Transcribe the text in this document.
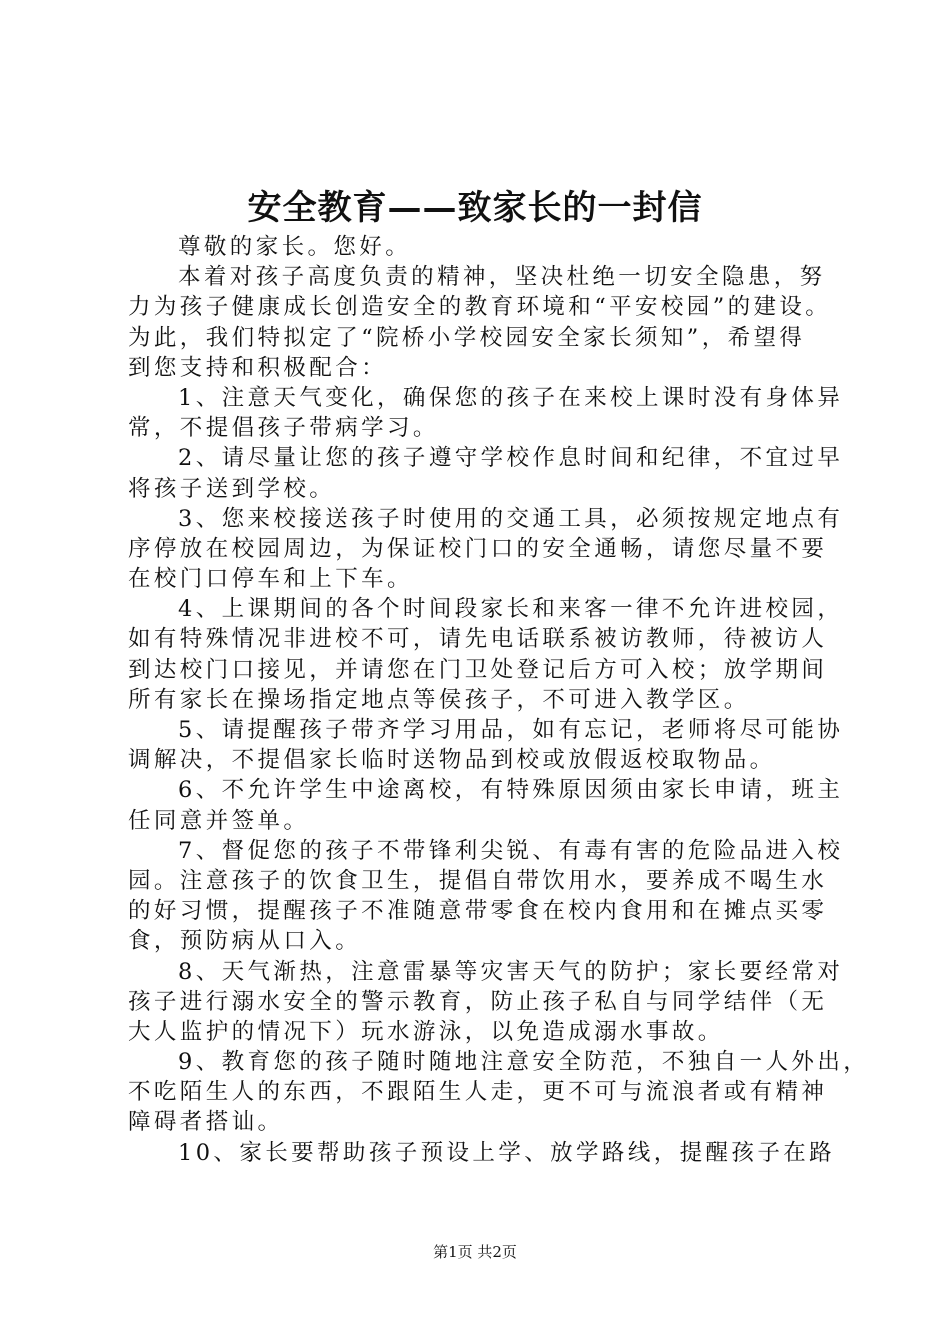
安全教育——致家长的一封信
尊敬的家长。您好。
本着对孩子高度负责的精神，坚决杜绝一切安全隐患，努
力为孩子健康成长创造安全的教育环境和“平安校园”的建设。
为此，我们特拟定了“院桥小学校园安全家长须知”，希望得
到您支持和积极配合：
1、注意天气变化，确保您的孩子在来校上课时没有身体异
常，不提倡孩子带病学习。
2、请尽量让您的孩子遵守学校作息时间和纪律，不宜过早
将孩子送到学校。
3、您来校接送孩子时使用的交通工具，必须按规定地点有
序停放在校园周边，为保证校门口的安全通畅，请您尽量不要
在校门口停车和上下车。
4、上课期间的各个时间段家长和来客一律不允许进校园，
如有特殊情况非进校不可，请先电话联系被访教师，待被访人
到达校门口接见，并请您在门卫处登记后方可入校；放学期间
所有家长在操场指定地点等侯孩子，不可进入教学区。
5、请提醒孩子带齐学习用品，如有忘记，老师将尽可能协
调解决，不提倡家长临时送物品到校或放假返校取物品。
6、不允许学生中途离校，有特殊原因须由家长申请，班主
任同意并签单。
7、督促您的孩子不带锋利尖锐、有毒有害的危险品进入校
园。注意孩子的饮食卫生，提倡自带饮用水，要养成不喝生水
的好习惯，提醒孩子不准随意带零食在校内食用和在摊点买零
食，预防病从口入。
8、天气渐热，注意雷暴等灾害天气的防护；家长要经常对
孩子进行溺水安全的警示教育，防止孩子私自与同学结伴（无
大人监护的情况下）玩水游泳，以免造成溺水事故。
9、教育您的孩子随时随地注意安全防范，不独自一人外出，
不吃陌生人的东西，不跟陌生人走，更不可与流浪者或有精神
障碍者搭讪。
10、家长要帮助孩子预设上学、放学路线，提醒孩子在路
第1页 共2页
